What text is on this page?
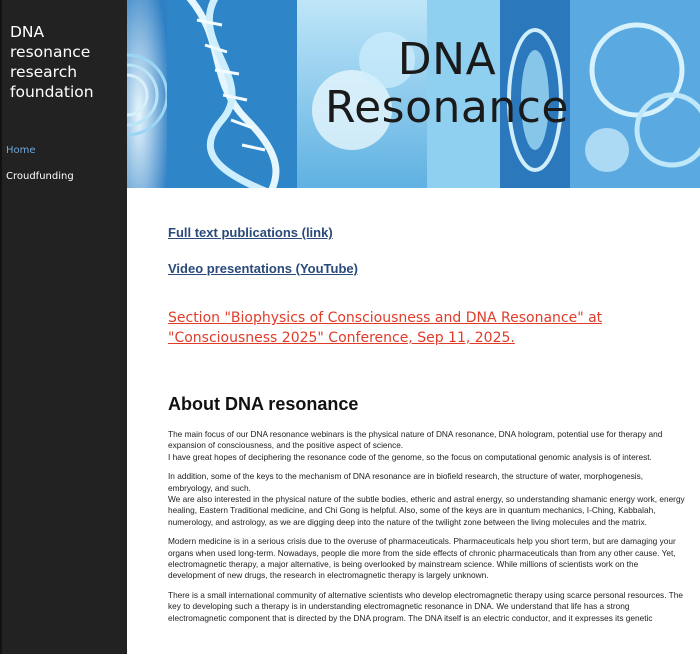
DNA resonance research foundation
Home
Croudfunding
DNA Resonance
Full text publications (link)
Video presentations (YouTube)
Section "Biophysics of Consciousness and DNA Resonance" at "Consciousness 2025" Conference, Sep 11, 2025.
About DNA resonance

The main focus of our DNA resonance webinars is the physical nature of DNA resonance, DNA hologram, potential use for therapy and expansion of consciousness, and the positive aspect of science.
I have great hopes of deciphering the resonance code of the genome, so the focus on computational genomic analysis is of interest.

In addition, some of the keys to the mechanism of DNA resonance are in biofield research, the structure of water, morphogenesis, embryology, and such.
We are also interested in the physical nature of the subtle bodies, etheric and astral energy, so understanding shamanic energy work, energy healing, Eastern Traditional medicine, and Chi Gong is helpful. Also, some of the keys are in quantum mechanics, I-Ching, Kabbalah, numerology, and astrology, as we are digging deep into the nature of the twilight zone between the living molecules and the matrix.

Modern medicine is in a serious crisis due to the overuse of pharmaceuticals. Pharmaceuticals help you short term, but are damaging your organs when used long-term. Nowadays, people die more from the side effects of chronic pharmaceuticals than from any other cause. Yet, electromagnetic therapy, a major alternative, is being overlooked by mainstream science. While millions of scientists work on the development of new drugs, the research in electromagnetic therapy is largely unknown.

There is a small international community of alternative scientists who develop electromagnetic therapy using scarce personal resources. The key to developing such a therapy is in understanding electromagnetic resonance in DNA. We understand that life has a strong electromagnetic component that is directed by the DNA program. The DNA itself is an electric conductor, and it expresses its genetic
